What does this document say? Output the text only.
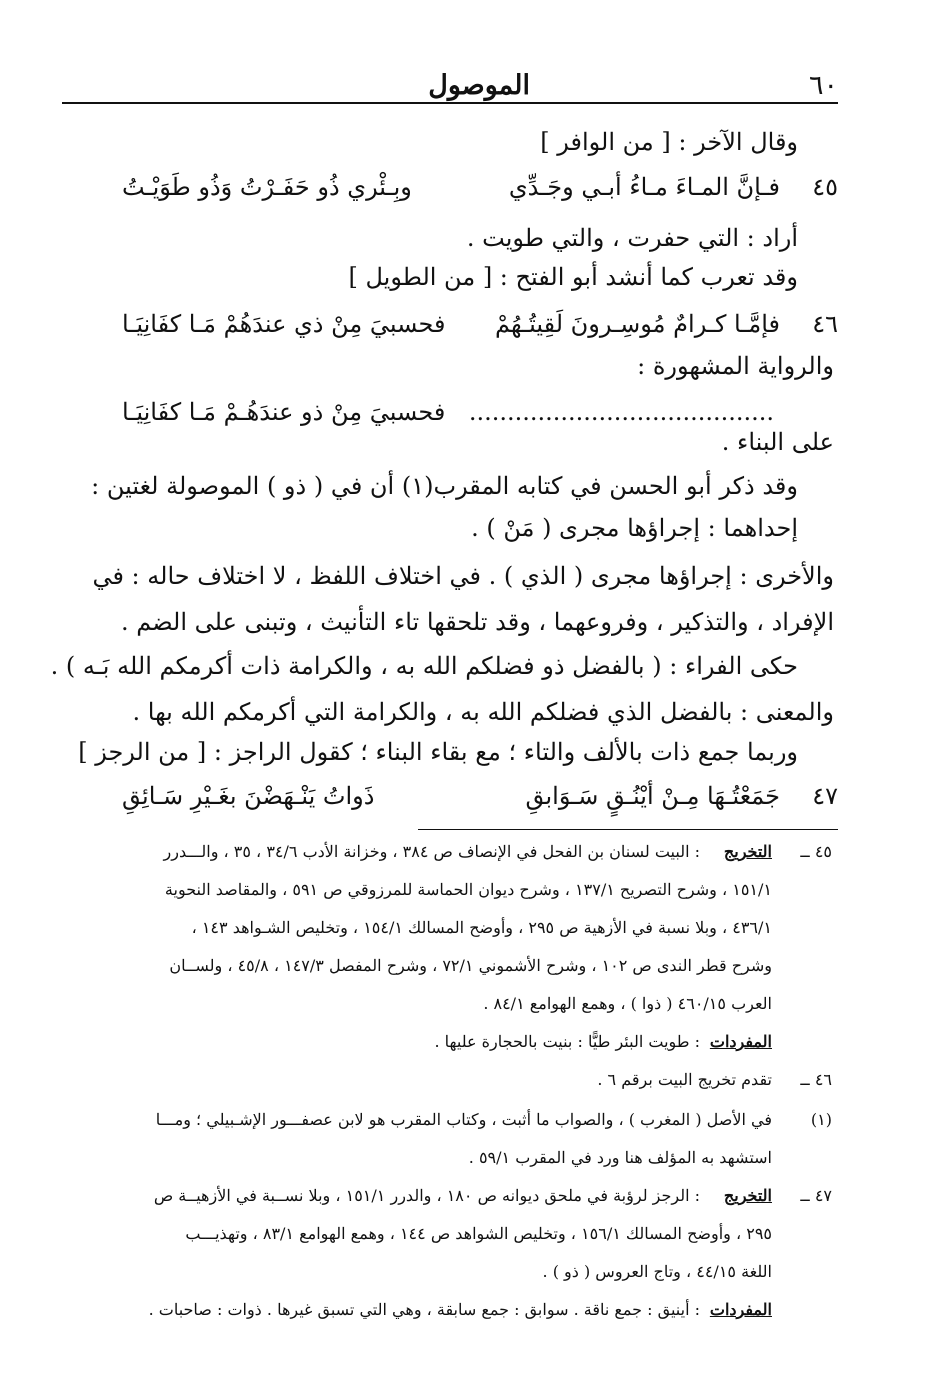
٦٠
الموصول
وقال الآخر : [ من الوافر ]
٤٥
فـإنَّ المـاءَ مـاءُ أبـي وجَـدِّي
وبِـئْري ذُو حَفَـرْتُ وَذُو طَوَيْـتُ
أراد : التي حفرت ، والتي طويت .
وقد تعرب كما أنشد أبو الفتح : [ من الطويل ]
٤٦
فإمَّـا كـرامٌ مُوسِـرونَ لَقِيتُـهُمْ
فحسبيَ مِنْ ذي عندَهُمْ مَـا كفَانِيَـا
والرواية المشهورة :
........................................
فحسبيَ مِنْ ذو عندَهُـمْ مَـا كفَانِيَـا
على البناء .
وقد ذكر أبو الحسن في كتابه المقرب(١) أن في ( ذو ) الموصولة لغتين :
إحداهما : إجراؤها مجرى ( مَنْ ) .
والأخرى : إجراؤها مجرى ( الذي ) . في اختلاف اللفظ ، لا اختلاف حاله : في
الإفراد ، والتذكير ، وفروعهما ، وقد تلحقها تاء التأنيث ، وتبنى على الضم .
حكى الفراء : ( بالفضل ذو فضلكم الله به ، والكرامة ذات أكرمكم الله بَـه ) .
والمعنى : بالفضل الذي فضلكم الله به ، والكرامة التي أكرمكم الله بها .
وربما جمع ذات بالألف والتاء ؛ مع بقاء البناء ؛ كقول الراجز : [ من الرجز ]
٤٧
جَمَعْتُـهَا مِـنْ أيْنُـقٍ سَـوَابقِ
ذَواتُ يَنْـهَضْنَ بغَـيْرِ سَـائِقِ
٤٥ ــ
التخريج
: البيت لسنان بن الفحل في الإنصاف ص ٣٨٤ ، وخزانة الأدب ٣٤/٦ ، ٣٥ ، والـــدرر
١٥١/١ ، وشرح التصريح ١٣٧/١ ، وشرح ديوان الحماسة للمرزوقي ص ٥٩١ ، والمقاصد النحوية
٤٣٦/١ ، وبلا نسبة في الأزهية ص ٢٩٥ ، وأوضح المسالك ١٥٤/١ ، وتخليص الشـواهد ١٤٣ ،
وشرح قطر الندى ص ١٠٢ ، وشرح الأشموني ٧٢/١ ، وشرح المفصل ١٤٧/٣ ، ٤٥/٨ ، ولســان
العرب ٤٦٠/١٥ ( ذوا ) ، وهمع الهوامع ٨٤/١ .
المفردات
: طويت البئر طيًّا : بنيت بالحجارة عليها .
٤٦ ــ
تقدم تخريج البيت برقم ٦ .
(١)
في الأصل ( المغرب ) ، والصواب ما أثبت ، وكتاب المقرب هو لابن عصفـــور الإشـبيلي ؛ ومـــا
استشهد به المؤلف هنا ورد في المقرب ٥٩/١ .
٤٧ ــ
التخريج
: الرجز لرؤبة في ملحق ديوانه ص ١٨٠ ، والدرر ١٥١/١ ، وبلا نســبة في الأزهيــة ص
٢٩٥ ، وأوضح المسالك ١٥٦/١ ، وتخليص الشواهد ص ١٤٤ ، وهمع الهوامع ٨٣/١ ، وتهذيـــب
اللغة ٤٤/١٥ ، وتاج العروس ( ذو ) .
المفردات
: أينيق : جمع ناقة . سوابق : جمع سابقة ، وهي التي تسبق غيرها . ذوات : صاحبات .
